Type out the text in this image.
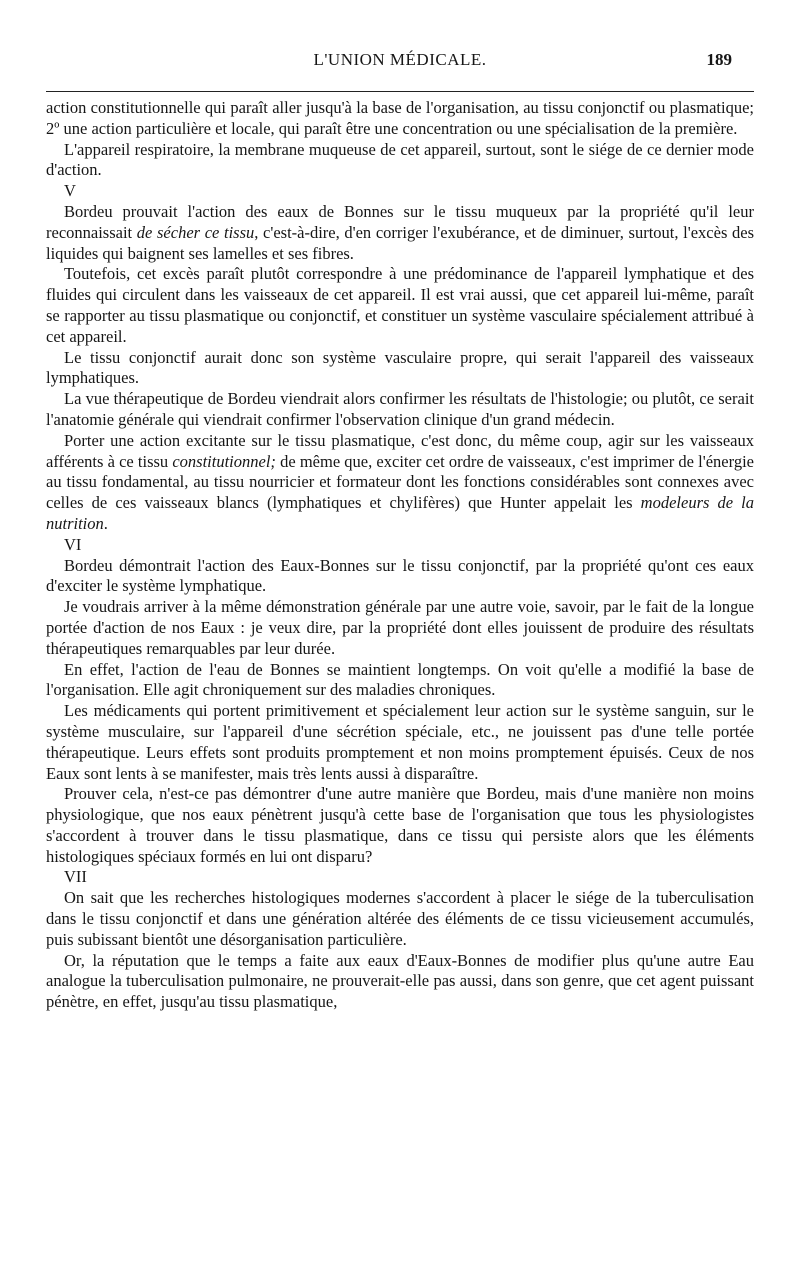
L'UNION MÉDICALE.	189

action constitutionnelle qui paraît aller jusqu'à la base de l'organisation, au tissu conjonctif ou plasmatique; 2º une action particulière et locale, qui paraît être une concentration ou une spécialisation de la première.

L'appareil respiratoire, la membrane muqueuse de cet appareil, surtout, sont le siége de ce dernier mode d'action.

V

Bordeu prouvait l'action des eaux de Bonnes sur le tissu muqueux par la propriété qu'il leur reconnaissait de sécher ce tissu, c'est-à-dire, d'en corriger l'exubérance, et de diminuer, surtout, l'excès des liquides qui baignent ses lamelles et ses fibres.

Toutefois, cet excès paraît plutôt correspondre à une prédominance de l'appareil lymphatique et des fluides qui circulent dans les vaisseaux de cet appareil. Il est vrai aussi, que cet appareil lui-même, paraît se rapporter au tissu plasmatique ou conjonctif, et constituer un système vasculaire spécialement attribué à cet appareil.

Le tissu conjonctif aurait donc son système vasculaire propre, qui serait l'appareil des vaisseaux lymphatiques.

La vue thérapeutique de Bordeu viendrait alors confirmer les résultats de l'histologie; ou plutôt, ce serait l'anatomie générale qui viendrait confirmer l'observation clinique d'un grand médecin.

Porter une action excitante sur le tissu plasmatique, c'est donc, du même coup, agir sur les vaisseaux afférents à ce tissu constitutionnel; de même que, exciter cet ordre de vaisseaux, c'est imprimer de l'énergie au tissu fondamental, au tissu nourricier et formateur dont les fonctions considérables sont connexes avec celles de ces vaisseaux blancs (lymphatiques et chylifères) que Hunter appelait les modeleurs de la nutrition.

VI

Bordeu démontrait l'action des Eaux-Bonnes sur le tissu conjonctif, par la propriété qu'ont ces eaux d'exciter le système lymphatique.

Je voudrais arriver à la même démonstration générale par une autre voie, savoir, par le fait de la longue portée d'action de nos Eaux : je veux dire, par la propriété dont elles jouissent de produire des résultats thérapeutiques remarquables par leur durée.

En effet, l'action de l'eau de Bonnes se maintient longtemps. On voit qu'elle a modifié la base de l'organisation. Elle agit chroniquement sur des maladies chroniques.

Les médicaments qui portent primitivement et spécialement leur action sur le système sanguin, sur le système musculaire, sur l'appareil d'une sécrétion spéciale, etc., ne jouissent pas d'une telle portée thérapeutique. Leurs effets sont produits promptement et non moins promptement épuisés. Ceux de nos Eaux sont lents à se manifester, mais très lents aussi à disparaître.

Prouver cela, n'est-ce pas démontrer d'une autre manière que Bordeu, mais d'une manière non moins physiologique, que nos eaux pénètrent jusqu'à cette base de l'organisation que tous les physiologistes s'accordent à trouver dans le tissu plasmatique, dans ce tissu qui persiste alors que les éléments histologiques spéciaux formés en lui ont disparu?

VII

On sait que les recherches histologiques modernes s'accordent à placer le siége de la tuberculisation dans le tissu conjonctif et dans une génération altérée des éléments de ce tissu vicieusement accumulés, puis subissant bientôt une désorganisation particulière.

Or, la réputation que le temps a faite aux eaux d'Eaux-Bonnes de modifier plus qu'une autre Eau analogue la tuberculisation pulmonaire, ne prouverait-elle pas aussi, dans son genre, que cet agent puissant pénètre, en effet, jusqu'au tissu plasmatique,
